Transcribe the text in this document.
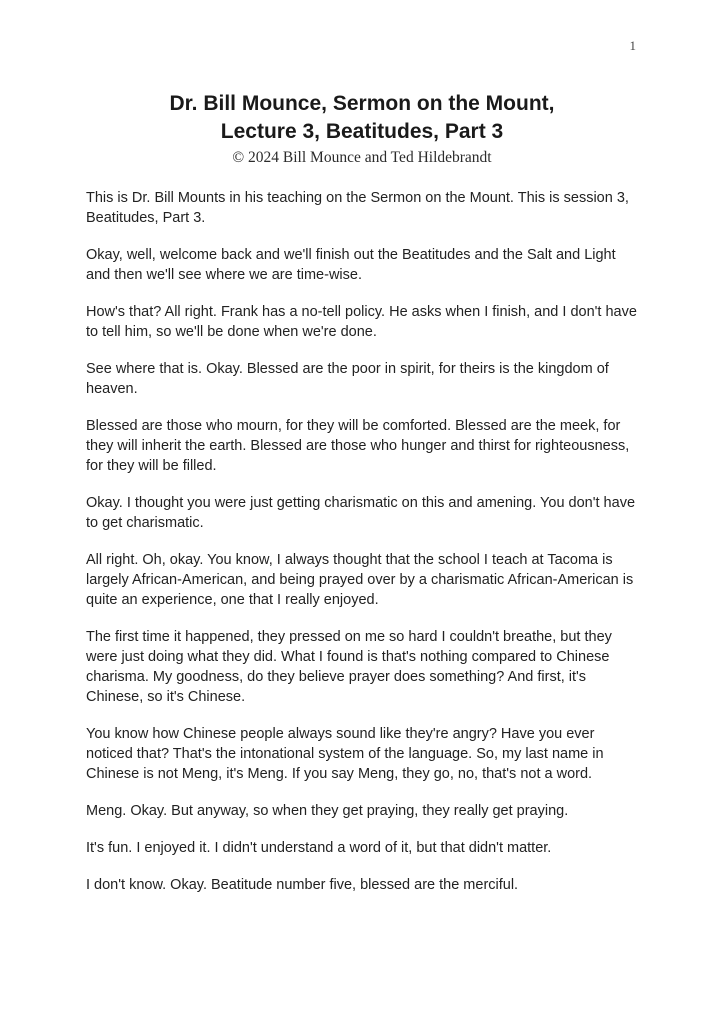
1
Dr. Bill Mounce, Sermon on the Mount,
Lecture 3, Beatitudes, Part 3
© 2024 Bill Mounce and Ted Hildebrandt

This is Dr. Bill Mounts in his teaching on the Sermon on the Mount. This is session 3, Beatitudes, Part 3.

Okay, well, welcome back and we'll finish out the Beatitudes and the Salt and Light and then we'll see where we are time-wise.

How's that? All right. Frank has a no-tell policy. He asks when I finish, and I don't have to tell him, so we'll be done when we're done.

See where that is. Okay. Blessed are the poor in spirit, for theirs is the kingdom of heaven.

Blessed are those who mourn, for they will be comforted. Blessed are the meek, for they will inherit the earth. Blessed are those who hunger and thirst for righteousness, for they will be filled.

Okay. I thought you were just getting charismatic on this and amening. You don't have to get charismatic.

All right. Oh, okay. You know, I always thought that the school I teach at Tacoma is largely African-American, and being prayed over by a charismatic African-American is quite an experience, one that I really enjoyed.

The first time it happened, they pressed on me so hard I couldn't breathe, but they were just doing what they did. What I found is that's nothing compared to Chinese charisma. My goodness, do they believe prayer does something? And first, it's Chinese, so it's Chinese.

You know how Chinese people always sound like they're angry? Have you ever noticed that? That's the intonational system of the language. So, my last name in Chinese is not Meng, it's Meng. If you say Meng, they go, no, that's not a word.

Meng. Okay. But anyway, so when they get praying, they really get praying.

It's fun. I enjoyed it. I didn't understand a word of it, but that didn't matter.

I don't know. Okay. Beatitude number five, blessed are the merciful.
